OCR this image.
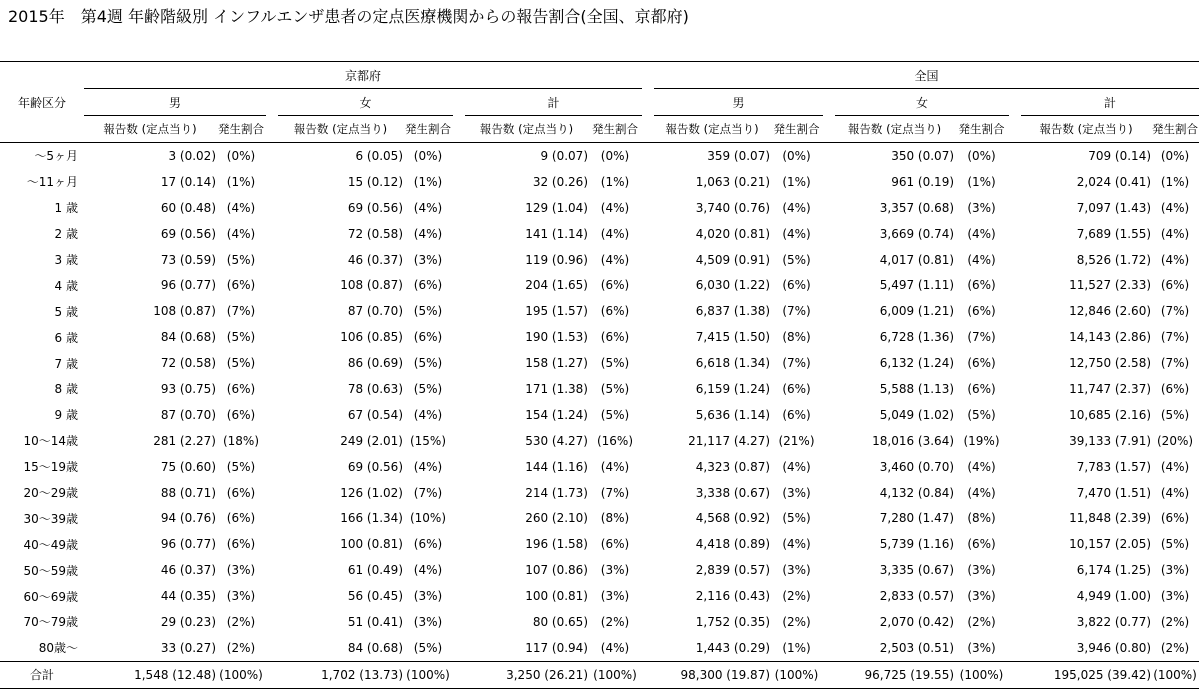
2015年　第4週 年齢階級別 インフルエンザ患者の定点医療機関からの報告割合(全国、京都府)
	京都府									全国							
年齢区分	男			女			計			男			女			計	
	報告数 (定点当り)	発生割合		報告数 (定点当り)	発生割合		報告数 (定点当り)	発生割合		報告数 (定点当り)	発生割合		報告数 (定点当り)	発生割合		報告数 (定点当り)	発生割合
～5ヶ月	3 (0.02)	(0%)		6 (0.05)	(0%)		9 (0.07)	(0%)		359 (0.07)	(0%)		350 (0.07)	(0%)		709 (0.14)	(0%)
～11ヶ月	17 (0.14)	(1%)		15 (0.12)	(1%)		32 (0.26)	(1%)		1,063 (0.21)	(1%)		961 (0.19)	(1%)		2,024 (0.41)	(1%)
1 歳	60 (0.48)	(4%)		69 (0.56)	(4%)		129 (1.04)	(4%)		3,740 (0.76)	(4%)		3,357 (0.68)	(3%)		7,097 (1.43)	(4%)
2 歳	69 (0.56)	(4%)		72 (0.58)	(4%)		141 (1.14)	(4%)		4,020 (0.81)	(4%)		3,669 (0.74)	(4%)		7,689 (1.55)	(4%)
3 歳	73 (0.59)	(5%)		46 (0.37)	(3%)		119 (0.96)	(4%)		4,509 (0.91)	(5%)		4,017 (0.81)	(4%)		8,526 (1.72)	(4%)
4 歳	96 (0.77)	(6%)		108 (0.87)	(6%)		204 (1.65)	(6%)		6,030 (1.22)	(6%)		5,497 (1.11)	(6%)		11,527 (2.33)	(6%)
5 歳	108 (0.87)	(7%)		87 (0.70)	(5%)		195 (1.57)	(6%)		6,837 (1.38)	(7%)		6,009 (1.21)	(6%)		12,846 (2.60)	(7%)
6 歳	84 (0.68)	(5%)		106 (0.85)	(6%)		190 (1.53)	(6%)		7,415 (1.50)	(8%)		6,728 (1.36)	(7%)		14,143 (2.86)	(7%)
7 歳	72 (0.58)	(5%)		86 (0.69)	(5%)		158 (1.27)	(5%)		6,618 (1.34)	(7%)		6,132 (1.24)	(6%)		12,750 (2.58)	(7%)
8 歳	93 (0.75)	(6%)		78 (0.63)	(5%)		171 (1.38)	(5%)		6,159 (1.24)	(6%)		5,588 (1.13)	(6%)		11,747 (2.37)	(6%)
9 歳	87 (0.70)	(6%)		67 (0.54)	(4%)		154 (1.24)	(5%)		5,636 (1.14)	(6%)		5,049 (1.02)	(5%)		10,685 (2.16)	(5%)
10～14歳	281 (2.27)	(18%)		249 (2.01)	(15%)		530 (4.27)	(16%)		21,117 (4.27)	(21%)		18,016 (3.64)	(19%)		39,133 (7.91)	(20%)
15～19歳	75 (0.60)	(5%)		69 (0.56)	(4%)		144 (1.16)	(4%)		4,323 (0.87)	(4%)		3,460 (0.70)	(4%)		7,783 (1.57)	(4%)
20～29歳	88 (0.71)	(6%)		126 (1.02)	(7%)		214 (1.73)	(7%)		3,338 (0.67)	(3%)		4,132 (0.84)	(4%)		7,470 (1.51)	(4%)
30～39歳	94 (0.76)	(6%)		166 (1.34)	(10%)		260 (2.10)	(8%)		4,568 (0.92)	(5%)		7,280 (1.47)	(8%)		11,848 (2.39)	(6%)
40～49歳	96 (0.77)	(6%)		100 (0.81)	(6%)		196 (1.58)	(6%)		4,418 (0.89)	(4%)		5,739 (1.16)	(6%)		10,157 (2.05)	(5%)
50～59歳	46 (0.37)	(3%)		61 (0.49)	(4%)		107 (0.86)	(3%)		2,839 (0.57)	(3%)		3,335 (0.67)	(3%)		6,174 (1.25)	(3%)
60～69歳	44 (0.35)	(3%)		56 (0.45)	(3%)		100 (0.81)	(3%)		2,116 (0.43)	(2%)		2,833 (0.57)	(3%)		4,949 (1.00)	(3%)
70～79歳	29 (0.23)	(2%)		51 (0.41)	(3%)		80 (0.65)	(2%)		1,752 (0.35)	(2%)		2,070 (0.42)	(2%)		3,822 (0.77)	(2%)
80歳～	33 (0.27)	(2%)		84 (0.68)	(5%)		117 (0.94)	(4%)		1,443 (0.29)	(1%)		2,503 (0.51)	(3%)		3,946 (0.80)	(2%)
合計	1,548 (12.48)	(100%)		1,702 (13.73)	(100%)		3,250 (26.21)	(100%)		98,300 (19.87)	(100%)		96,725 (19.55)	(100%)		195,025 (39.42)	(100%)
